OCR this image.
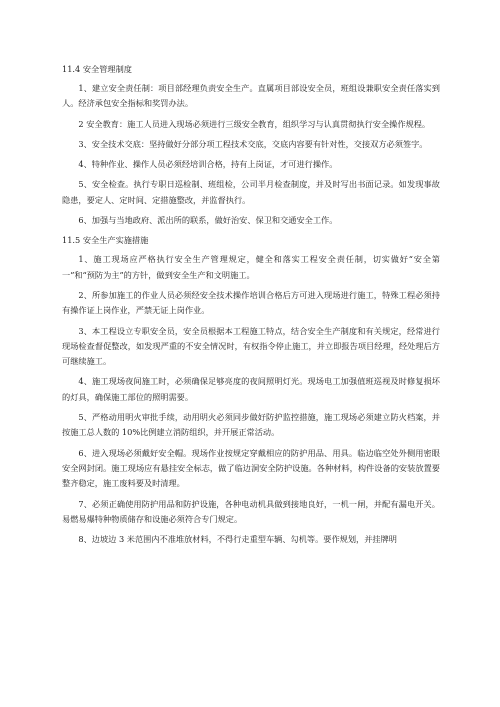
11.4 安全管理制度

1、建立安全责任制：项目部经理负责安全生产。直属项目部设安全员，班组设兼职安全责任落实到人。经济承包安全指标和奖罚办法。

2 安全教育：施工人员进入现场必须进行三级安全教育，组织学习与认真贯彻执行安全操作规程。

3、安全技术交底：坚持做好分部分项工程技术交底，交底内容要有针对性，交接双方必须签字。

4、特种作业、操作人员必须经培训合格，持有上岗证，才可进行操作。

5、安全检查。执行专职日巡检制、班组检，公司半月检查制度，并及时写出书面记录。如发现事故隐患，要定人、定时间、定措施整改，并监督执行。

6、加强与当地政府、派出所的联系，做好治安、保卫和交通安全工作。

11.5 安全生产实施措施

1、施工现场应严格执行安全生产管理规定，健全和落实工程安全责任制，切实做好“安全第一”和“预防为主”的方针，做到安全生产和文明施工。

2、所参加施工的作业人员必须经安全技术操作培训合格后方可进入现场进行施工，特殊工程必须持有操作证上岗作业，严禁无证上岗作业。

3、本工程设立专职安全员，安全员根据本工程施工特点，结合安全生产制度和有关规定，经常进行现场检查督促整改，如发现严重的不安全情况时，有权指令停止施工，并立即报告项目经理，经处理后方可继续施工。

4、施工现场夜间施工时，必须确保足够亮度的夜间照明灯光。现场电工加强值班巡视及时修复损坏的灯具，确保施工部位的照明需要。

5、严格动用明火审批手续，动用明火必须同步做好防护监控措施，施工现场必须建立防火档案，并按施工总人数的 10%比例建立消防组织，并开展正常活动。

6、进入现场必须戴好安全帽。现场作业按规定穿戴相应的防护用品、用具。临边临空处外侧用密眼安全网封闭。施工现场应有悬挂安全标志，做了临边洞安全防护设施。各种材料，构件设备的安装放置要整齐稳定，施工废料要及时清理。

7、必须正确使用防护用品和防护设施，各种电动机具做到接地良好，一机一闸，并配有漏电开关。易燃易爆特种物质储存和设施必须符合专门规定。

8、边坡边 3 米范围内不准堆放材料，不得行走重型车辆、勾机等。要作规划，并挂牌明
